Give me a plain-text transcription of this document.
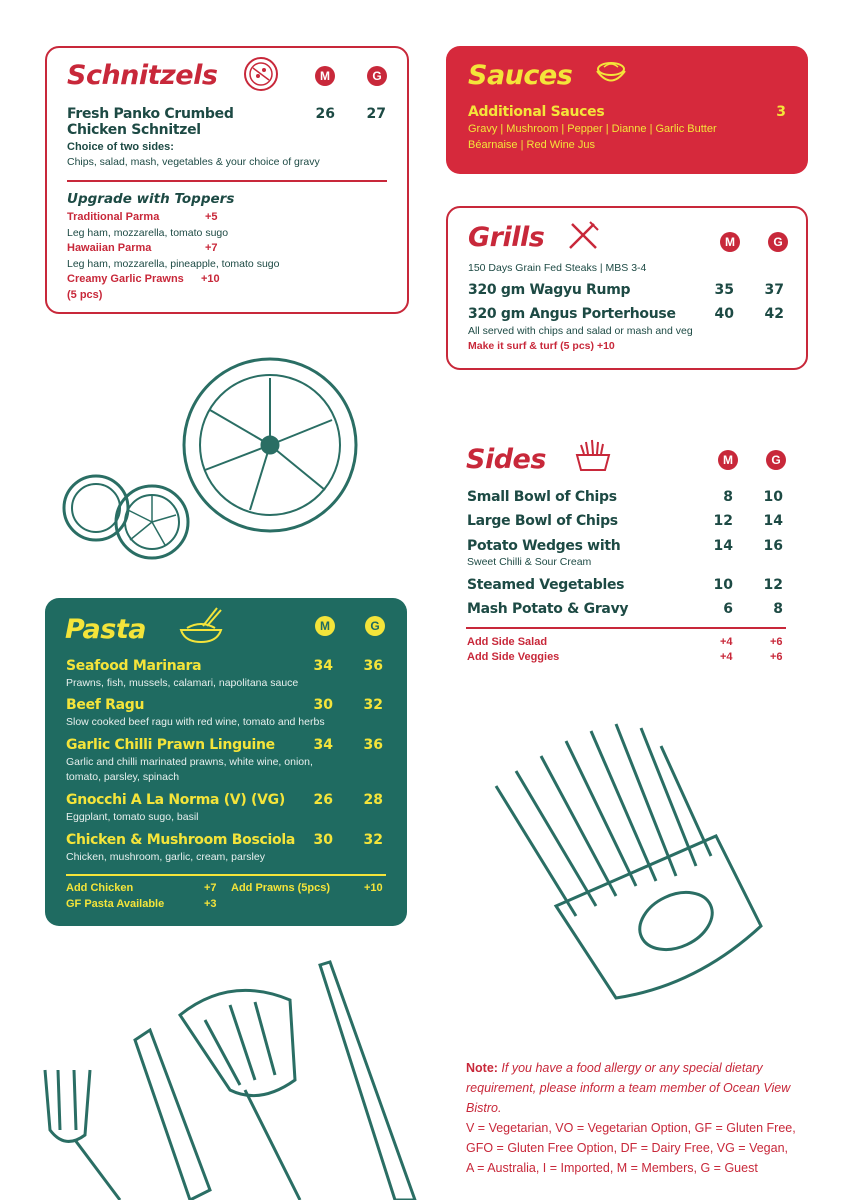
Schnitzels	M	G
Fresh Panko Crumbed
Chicken Schnitzel
26	27
Choice of two sides:
Chips, salad, mash, vegetables & your choice of gravy
Upgrade with Toppers
Traditional Parma	+5
Leg ham, mozzarella, tomato sugo
Hawaiian Parma	+7
Leg ham, mozzarella, pineapple, tomato sugo
Creamy Garlic Prawns +10
(5 pcs)
Sauces
Additional Sauces	3
Gravy | Mushroom | Pepper | Dianne | Garlic Butter
Béarnaise | Red Wine Jus
Grills	M	G
150 Days Grain Fed Steaks | MBS 3-4
320 gm Wagyu Rump	35	37
320 gm Angus Porterhouse	40	42
All served with chips and salad or mash and veg
Make it surf & turf (5 pcs) +10
Sides	M	G
Small Bowl of Chips	8	10
Large Bowl of Chips	12	14
Potato Wedges with	14	16
Sweet Chilli & Sour Cream
Steamed Vegetables	10	12
Mash Potato & Gravy	6	8
Add Side Salad	+4	+6
Add Side Veggies	+4	+6
Pasta	M	G
Seafood Marinara	34	36
Prawns, fish, mussels, calamari, napolitana sauce
Beef Ragu	30	32
Slow cooked beef ragu with red wine, tomato and herbs
Garlic Chilli Prawn Linguine	34	36
Garlic and chilli marinated prawns, white wine, onion,
tomato, parsley, spinach
Gnocchi A La Norma (V) (VG)	26	28
Eggplant, tomato sugo, basil
Chicken & Mushroom Bosciola	30	32
Chicken, mushroom, garlic, cream, parsley
Add Chicken	+7 Add Prawns (5pcs)	+10
GF Pasta Available	+3
Note: If you have a food allergy or any special dietary requirement, please inform a team member of Ocean View Bistro.
V = Vegetarian, VO = Vegetarian Option, GF = Gluten Free,
GFO = Gluten Free Option, DF = Dairy Free, VG = Vegan,
A = Australia, I = Imported, M = Members, G = Guest
